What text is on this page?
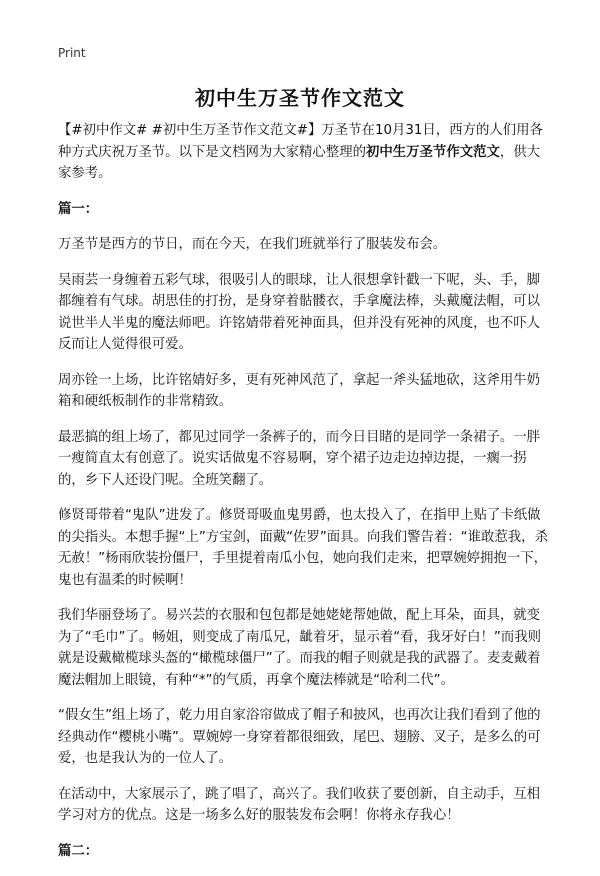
Print
初中生万圣节作文范文

【#初中作文# #初中生万圣节作文范文#】万圣节在10月31日，西方的人们用各种方式庆祝万圣节。以下是文档网为大家精心整理的初中生万圣节作文范文，供大家参考。

篇一：

万圣节是西方的节日，而在今天，在我们班就举行了服装发布会。

吴雨芸一身缠着五彩气球，很吸引人的眼球，让人很想拿针戳一下呢，头、手，脚都缠着有气球。胡思佳的打扮，是身穿着骷髅衣，手拿魔法棒，头戴魔法帽，可以说世半人半鬼的魔法师吧。许铭婧带着死神面具，但并没有死神的风度，也不吓人反而让人觉得很可爱。

周亦铨一上场，比许铭婧好多，更有死神风范了，拿起一斧头猛地砍，这斧用牛奶箱和硬纸板制作的非常精致。

最恶搞的组上场了，都见过同学一条裤子的，而今日目睹的是同学一条裙子。一胖一瘦简直太有创意了。说实话做鬼不容易啊，穿个裙子边走边掉边提，一瘸一拐的，乡下人还设门呢。全班笑翻了。

修贤哥带着“鬼队”进发了。修贤哥吸血鬼男爵，也太投入了，在指甲上贴了卡纸做的尖指头。本想手握“上”方宝剑，面戴“佐罗”面具。向我们警告着：“谁敢惹我，杀无赦！”杨雨欣装扮僵尸，手里提着南瓜小包，她向我们走来，把覃婉婷拥抱一下，鬼也有温柔的时候啊！

我们华丽登场了。易兴芸的衣服和包包都是她姥姥帮她做，配上耳朵，面具，就变为了“毛巾”了。畅姐，则变成了南瓜兄，龇着牙，显示着“看，我牙好白！”而我则就是设戴橄榄球头盔的“橄榄球僵尸”了。而我的帽子则就是我的武器了。麦麦戴着魔法帽加上眼镜，有种“*”的气质，再拿个魔法棒就是“哈利二代”。

“假女生”组上场了，乾力用自家浴帘做成了帽子和披风，也再次让我们看到了他的经典动作“樱桃小嘴”。覃婉婷一身穿着都很细致，尾巴、翅膀、叉子，是多么的可爱，也是我认为的一位人了。

在活动中，大家展示了，跳了唱了，高兴了。我们收获了要创新，自主动手，互相学习对方的优点。这是一场多么好的服装发布会啊！你将永存我心！

篇二：
